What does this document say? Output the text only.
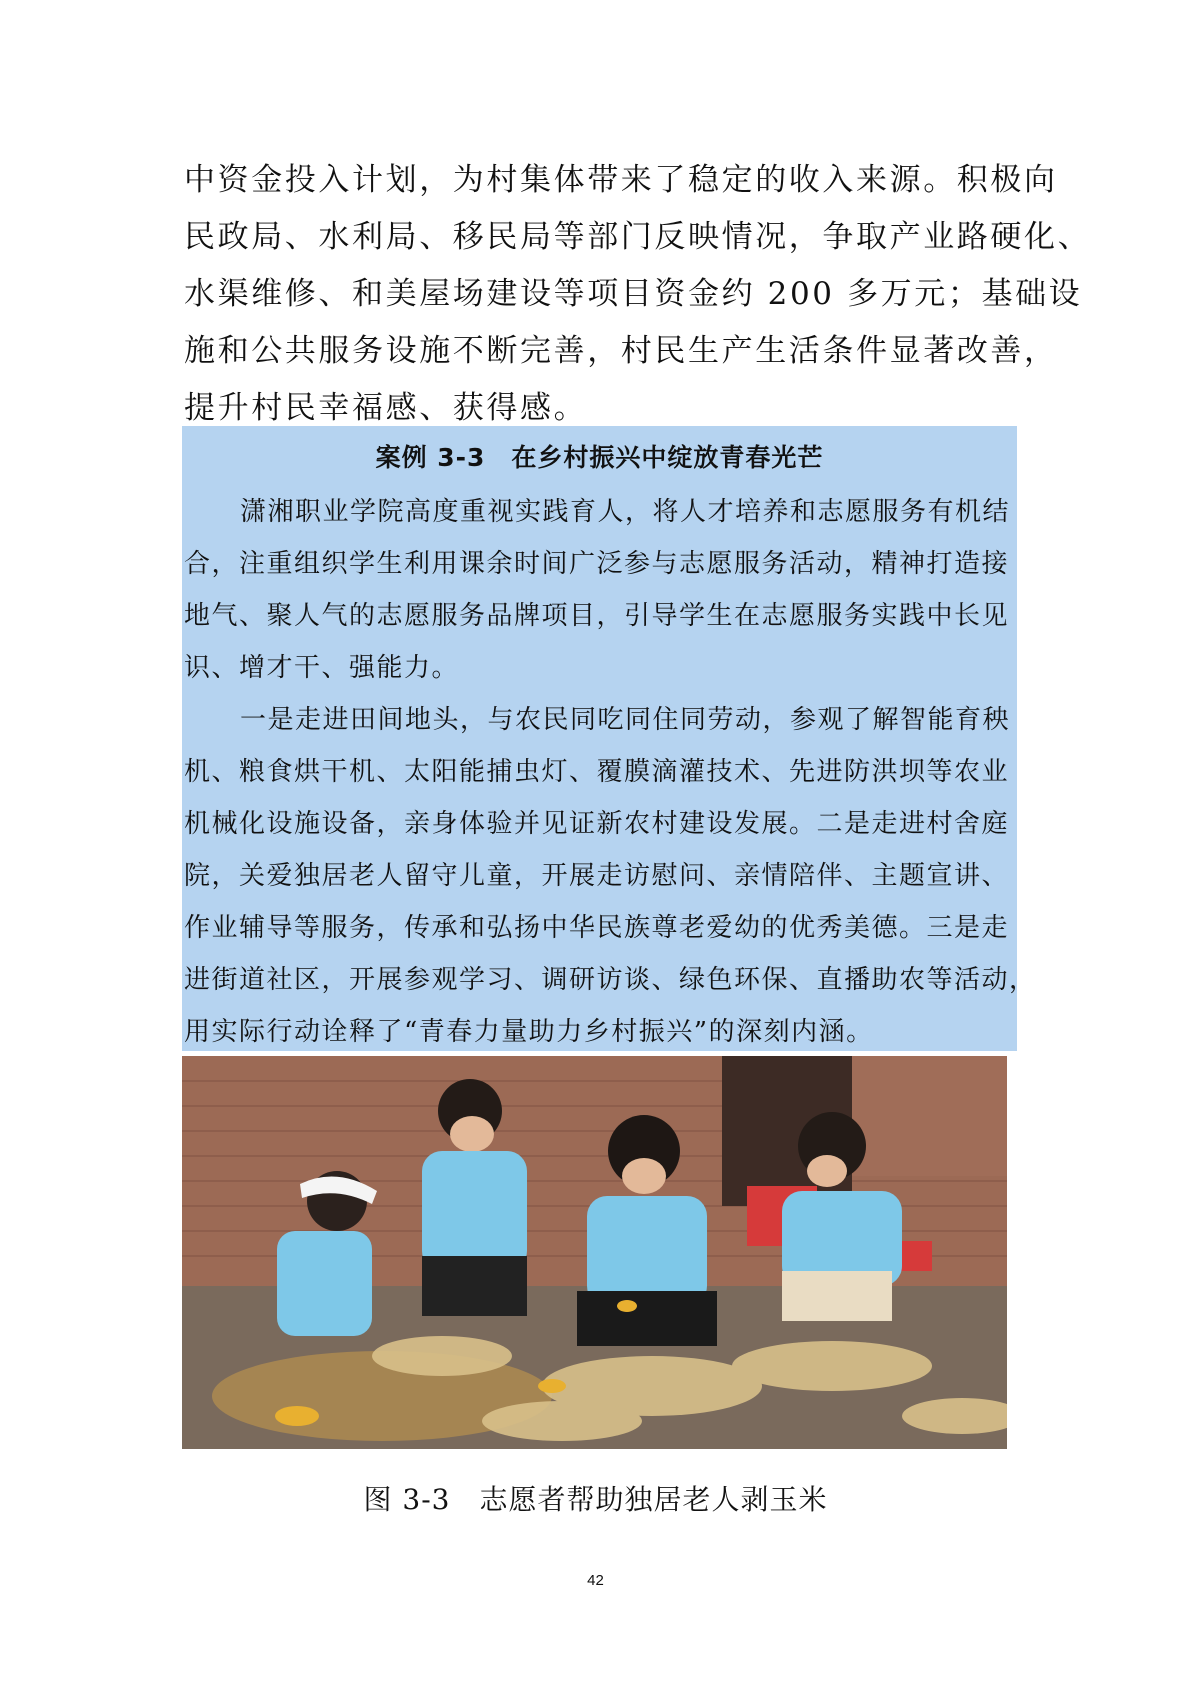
中资金投入计划，为村集体带来了稳定的收入来源。积极向
民政局、水利局、移民局等部门反映情况，争取产业路硬化、
水渠维修、和美屋场建设等项目资金约 200 多万元；基础设
施和公共服务设施不断完善，村民生产生活条件显著改善，
提升村民幸福感、获得感。
案例 3-3　在乡村振兴中绽放青春光芒
潇湘职业学院高度重视实践育人，将人才培养和志愿服务有机结
合，注重组织学生利用课余时间广泛参与志愿服务活动，精神打造接
地气、聚人气的志愿服务品牌项目，引导学生在志愿服务实践中长见
识、增才干、强能力。
一是走进田间地头，与农民同吃同住同劳动，参观了解智能育秧
机、粮食烘干机、太阳能捕虫灯、覆膜滴灌技术、先进防洪坝等农业
机械化设施设备，亲身体验并见证新农村建设发展。二是走进村舍庭
院，关爱独居老人留守儿童，开展走访慰问、亲情陪伴、主题宣讲、
作业辅导等服务，传承和弘扬中华民族尊老爱幼的优秀美德。三是走
进街道社区，开展参观学习、调研访谈、绿色环保、直播助农等活动，
用实际行动诠释了“青春力量助力乡村振兴”的深刻内涵。
图 3-3　志愿者帮助独居老人剥玉米
42
